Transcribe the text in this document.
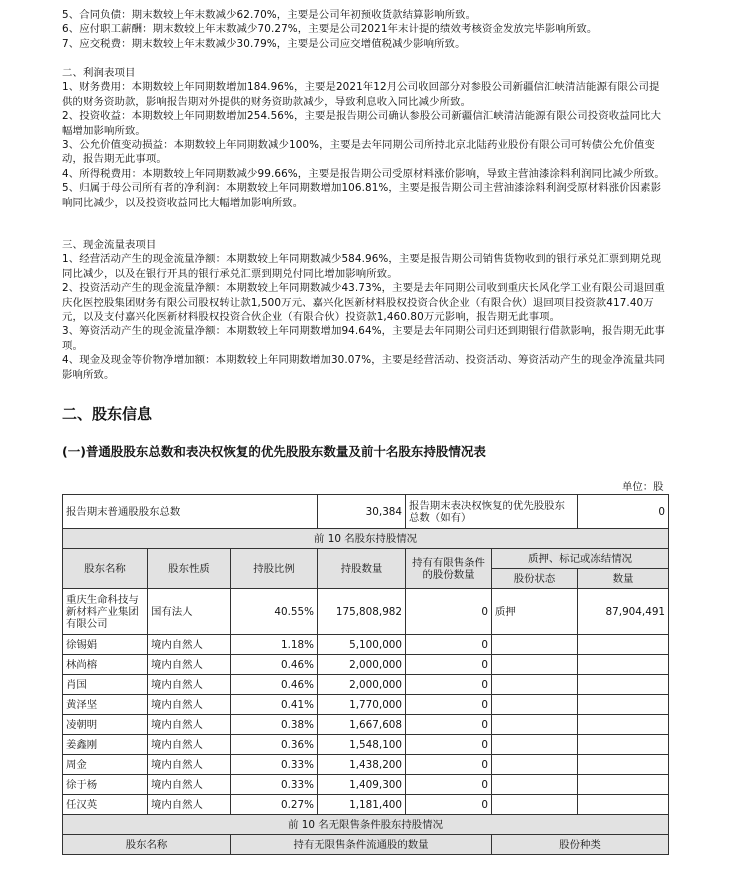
5、合同负债：期末数较上年末数减少62.70%，主要是公司年初预收货款结算影响所致。
6、应付职工薪酬：期末数较上年末数减少70.27%，主要是公司2021年末计提的绩效考核资金发放完毕影响所致。
7、应交税费：期末数较上年末数减少30.79%，主要是公司应交增值税减少影响所致。
二、利润表项目
1、财务费用：本期数较上年同期数增加184.96%，主要是2021年12月公司收回部分对参股公司新疆信汇峡清洁能源有限公司提供的财务资助款，影响报告期对外提供的财务资助款减少，导致利息收入同比减少所致。
2、投资收益：本期数较上年同期数增加254.56%，主要是报告期公司确认参股公司新疆信汇峡清洁能源有限公司投资收益同比大幅增加影响所致。
3、公允价值变动损益：本期数较上年同期数减少100%，主要是去年同期公司所持北京北陆药业股份有限公司可转债公允价值变动，报告期无此事项。
4、所得税费用：本期数较上年同期数减少99.66%，主要是报告期公司受原材料涨价影响，导致主营油漆涂料利润同比减少所致。
5、归属于母公司所有者的净利润：本期数较上年同期数增加106.81%，主要是报告期公司主营油漆涂料利润受原材料涨价因素影响同比减少，以及投资收益同比大幅增加影响所致。
三、现金流量表项目
1、经营活动产生的现金流量净额：本期数较上年同期数减少584.96%，主要是报告期公司销售货物收到的银行承兑汇票到期兑现同比减少，以及在银行开具的银行承兑汇票到期兑付同比增加影响所致。
2、投资活动产生的现金流量净额：本期数较上年同期数减少43.73%，主要是去年同期公司收到重庆长风化学工业有限公司退回重庆化医控股集团财务有限公司股权转让款1,500万元、嘉兴化医新材料股权投资合伙企业（有限合伙）退回项目投资款417.40万元，以及支付嘉兴化医新材料股权投资合伙企业（有限合伙）投资款1,460.80万元影响，报告期无此事项。
3、筹资活动产生的现金流量净额：本期数较上年同期数增加94.64%，主要是去年同期公司归还到期银行借款影响，报告期无此事项。
4、现金及现金等价物净增加额：本期数较上年同期数增加30.07%，主要是经营活动、投资活动、筹资活动产生的现金净流量共同影响所致。
二、股东信息
(一)普通股股东总数和表决权恢复的优先股股东数量及前十名股东持股情况表
单位：股
报告期末普通股股东总数			30,384	报告期末表决权恢复的优先股股东总数（如有）		0
前 10 名股东持股情况						
股东名称	股东性质	持股比例	持股数量	持有有限售条件的股份数量	质押、标记或冻结情况	
					股份状态	数量
重庆生命科技与新材料产业集团有限公司	国有法人	40.55%	175,808,982	0	质押	87,904,491
徐锡娟	境内自然人	1.18%	5,100,000	0		
林尚榕	境内自然人	0.46%	2,000,000	0		
肖国	境内自然人	0.46%	2,000,000	0		
黄泽坚	境内自然人	0.41%	1,770,000	0		
凌朝明	境内自然人	0.38%	1,667,608	0		
姜鑫刚	境内自然人	0.36%	1,548,100	0		
周金	境内自然人	0.33%	1,438,200	0		
徐于杨	境内自然人	0.33%	1,409,300	0		
任汉英	境内自然人	0.27%	1,181,400	0		
前 10 名无限售条件股东持股情况						
股东名称		持有无限售条件流通股的数量			股份种类	
